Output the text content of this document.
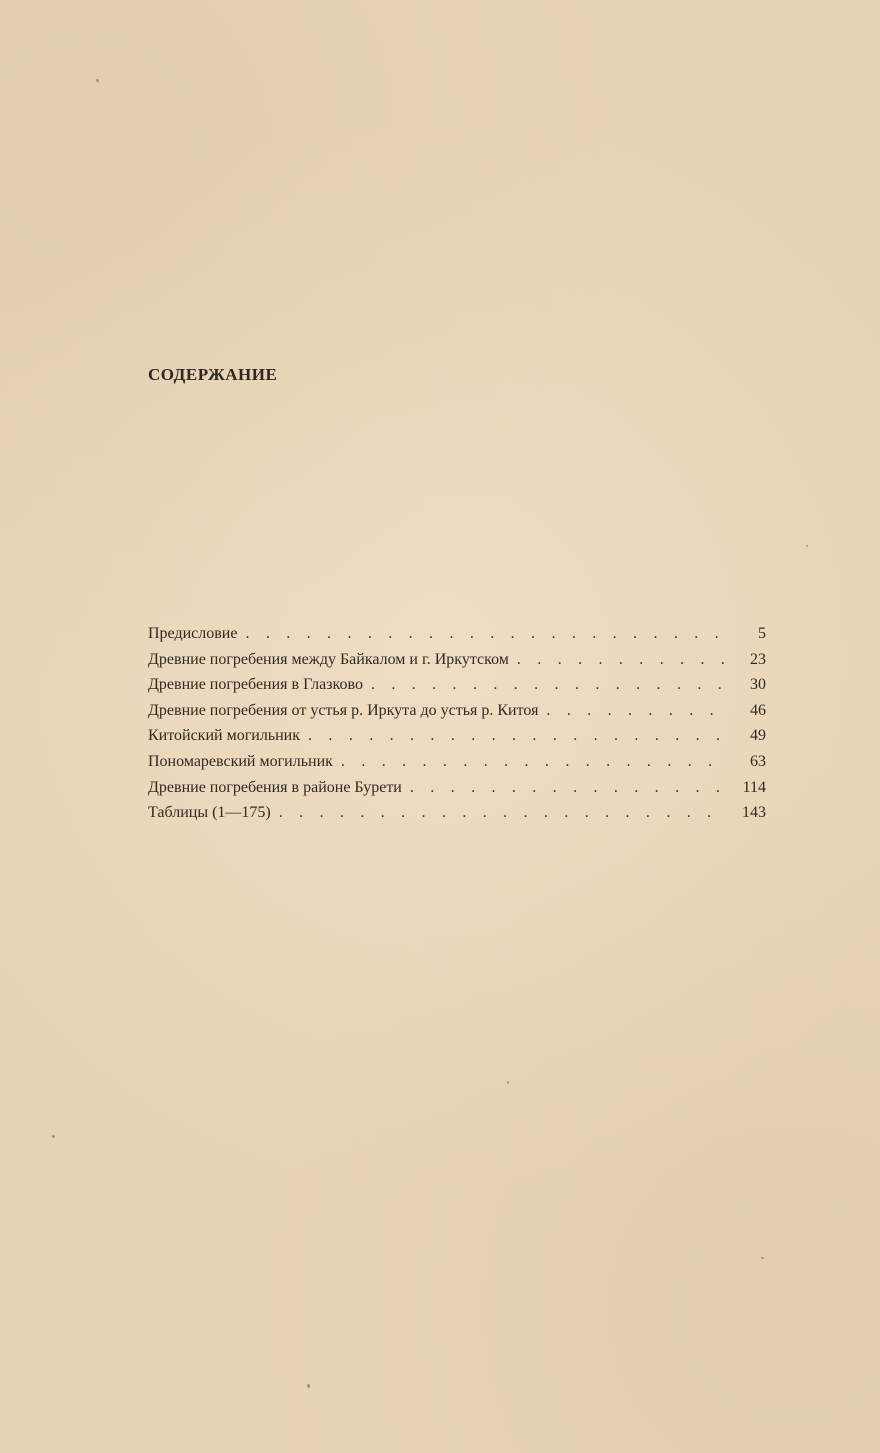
СОДЕРЖАНИЕ
Предисловие . . .	5
Древние погребения между Байкалом и г. Иркутском . . .	23
Древние погребения в Глазково . . .	30
Древние погребения от устья р. Иркута до устья р. Китоя . . .	46
Китойский могильник . . .	49
Пономаревский могильник . . .	63
Древние погребения в районе Бурети . . .	114
Таблицы (1—175) . . .	143
